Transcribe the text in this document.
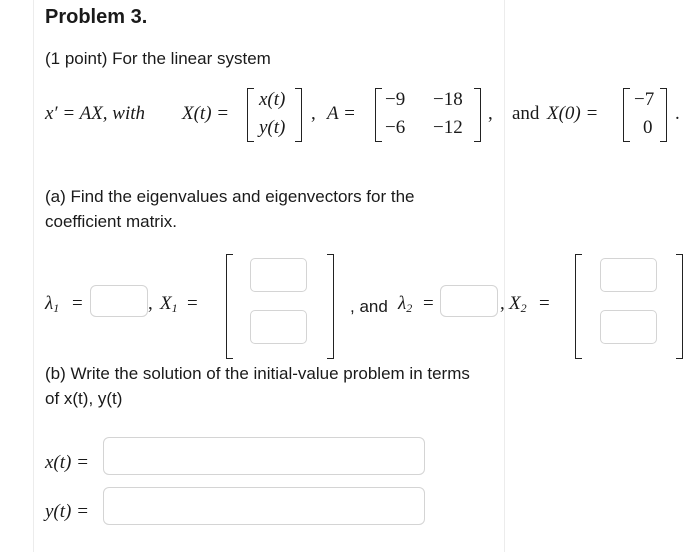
Problem 3.
(1 point) For the linear system
x′ = AX, with X(t) =
x(t)
y(t)
, A =
−9 −18
−6 −12
, and X(0) =
−7
0
.
(a) Find the eigenvalues and eigenvectors for the
coefficient matrix.
$\lambda_1$ =	, $X_1$ =	, and $\lambda_2$ =	, $X_2$ =
(b) Write the solution of the initial-value problem in terms
of x(t), y(t)
x(t) =
y(t) =
